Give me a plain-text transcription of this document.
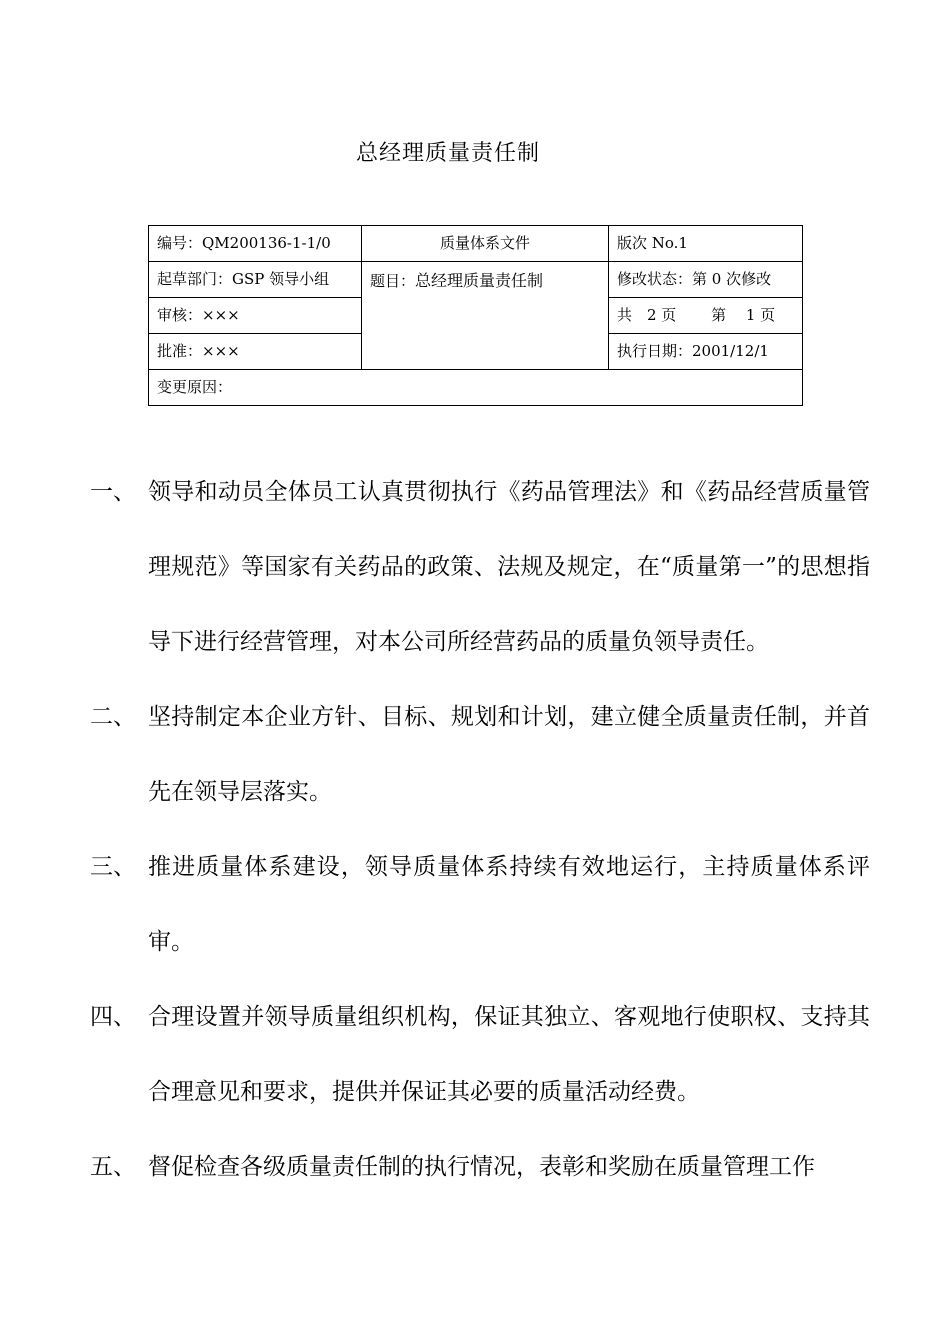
总经理质量责任制
编号：QM200136-1-1/0	质量体系文件	版次 No.1
起草部门：GSP 领导小组	题目：总经理质量责任制	修改状态：第 0 次修改
审核：×××		共　2 页　　 第　 1 页
批准：×××		执行日期：2001/12/1
变更原因：		
一、 领导和动员全体员工认真贯彻执行《药品管理法》和《药品经营质量管理规范》等国家有关药品的政策、法规及规定，在“质量第一”的思想指导下进行经营管理，对本公司所经营药品的质量负领导责任。
二、 坚持制定本企业方针、目标、规划和计划，建立健全质量责任制，并首先在领导层落实。
三、 推进质量体系建设，领导质量体系持续有效地运行，主持质量体系评审。
四、 合理设置并领导质量组织机构，保证其独立、客观地行使职权、支持其合理意见和要求，提供并保证其必要的质量活动经费。
五、 督促检查各级质量责任制的执行情况，表彰和奖励在质量管理工作
